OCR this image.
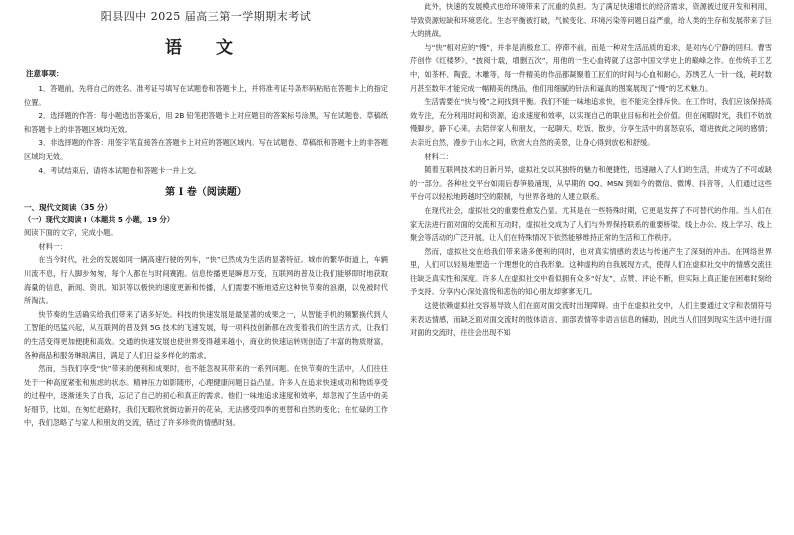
阳县四中 2025 届高三第一学期期末考试
语 文
注意事项：

1．答题前，先将自己的姓名、准考证号填写在试题卷和答题卡上，并将准考证号条形码粘贴在答题卡上的指定位置。

2．选择题的作答：每小题选出答案后，用 2B 铅笔把答题卡上对应题目的答案标号涂黑，写在试题卷、草稿纸和答题卡上的非答题区域均无效。

3．非选择题的作答：用签字笔直接答在答题卡上对应的答题区域内。写在试题卷、草稿纸和答题卡上的非答题区域均无效。

4．考试结束后，请将本试题卷和答题卡一并上交。

第 I 卷（阅读题）
一、现代文阅读（35 分）
（一）现代文阅读 I（本题共 5 小题，19 分）

阅读下面的文字，完成小题。

材料一：

在当今时代，社会的发展如同一辆高速行驶的列车，“快”已然成为生活的显著特征。城市的繁华街道上，车辆川流不息，行人脚步匆匆，每个人都在与时间赛跑。信息传播更是瞬息万变，互联网的普及让我们能够即时地获取海量的信息，新闻、资讯、知识等以极快的速度更新和传播，人们需要不断地适应这种快节奏的浪潮，以免被时代所淘汰。

快节奏的生活确实给我们带来了诸多好处。科技的快速发展是最显著的成果之一，从智能手机的频繁换代到人工智能的迅猛兴起，从互联网的普及到 5G 技术的飞速发展，每一项科技创新都在改变着我们的生活方式，让我们的生活变得更加便捷和高效。交通的快速发展也使世界变得越来越小，商业的快速运转则创造了丰富的物质财富，各种商品和服务琳琅满目，满足了人们日益多样化的需求。

然而，当我们享受“快”带来的便利和成果时，也不能忽视其带来的一系列问题。在快节奏的生活中，人们往往处于一种高度紧张和焦虑的状态。精神压力如影随形，心理健康问题日益凸显。许多人在追求快速成功和物质享受的过程中，逐渐迷失了自我，忘记了自己的初心和真正的需求。他们一味地追求速度和效率，却忽视了生活中的美好细节，比如，在匆忙赶路时，我们无暇欣赏街边新开的花朵，无法感受四季的更替和自然的变化；在忙碌的工作中，我们忽略了与家人和朋友的交流，错过了许多珍贵的情感时刻。

此外，快速的发展模式也给环境带来了沉重的负担。为了满足快速增长的经济需求，资源被过度开发和利用，导致资源短缺和环境恶化。生态平衡被打破，气候变化、环境污染等问题日益严重，给人类的生存和发展带来了巨大的挑战。

与“快”相对应的“慢”，并非是消极怠工、停滞不前，而是一种对生活品质的追求，是对内心宁静的回归。曹雪芹创作《红楼梦》，“披阅十载，增删五次”，用他的一生心血铸就了这部中国文学史上的巅峰之作。在传统手工艺中，如茶杯、陶瓷、木雕等，每一件精美的作品都凝聚着工匠们的时间与心血和耐心，苏绣艺人一针一线，耗时数月甚至数年才能完成一幅精美的绣品，他们用细腻的针法和逼真的图案展现了“慢”的艺术魅力。

生活需要在“快与慢”之间找到平衡。我们不能一味地追求快，也不能完全排斥快。在工作时，我们应该保持高效专注，充分利用时间和资源，追求速度和效率，以实现自己的职业目标和社会价值。但在闲暇时光，我们不妨放慢脚步，静下心来，去陪伴家人和朋友，一起聊天、吃饭、散步，分享生活中的喜怒哀乐，增进彼此之间的感情；去亲近自然，漫步于山水之间，欣赏大自然的美景，让身心得到放松和舒缓。

材料二：

随着互联网技术的日新月异，虚拟社交以其独特的魅力和便捷性，迅速融入了人们的生活，并成为了不可或缺的一部分。各种社交平台如雨后春笋般涌现，从早期的 QQ、MSN 到如今的微信、微博、抖音等，人们通过这些平台可以轻松地跨越时空的限制，与世界各地的人建立联系。

在现代社会，虚拟社交的重要性愈发凸显。尤其是在一些特殊时期，它更是发挥了不可替代的作用。当人们在家无法进行面对面的交流和互动时，虚拟社交成为了人们与外界保持联系的重要桥梁。线上办公、线上学习、线上聚会等活动的广泛开展，让人们在特殊情况下依然能够维持正常的生活和工作秩序。

然而，虚拟社交在给我们带来诸多便利的同时，也对真实情感的表达与传递产生了深刻的冲击。在网络世界里，人们可以轻易地塑造一个理想化的自我形象。这种虚构的自我展现方式，使得人们在虚拟社交中的情感交流往往缺乏真实性和深度。许多人在虚拟社交中看似拥有众多“好友”，点赞、评论不断，但实际上真正能在困难时刻给予支持、分享内心深处喜悦和悲伤的知心朋友却寥寥无几。

这使依赖虚拟社交容易导致人们在面对面交流时出现障碍。由于在虚拟社交中，人们主要通过文字和表情符号来表达情感，而缺乏面对面交流时的肢体语言、面部表情等非语言信息的辅助，因此当人们回到现实生活中进行面对面的交流时，往往会出现不知
